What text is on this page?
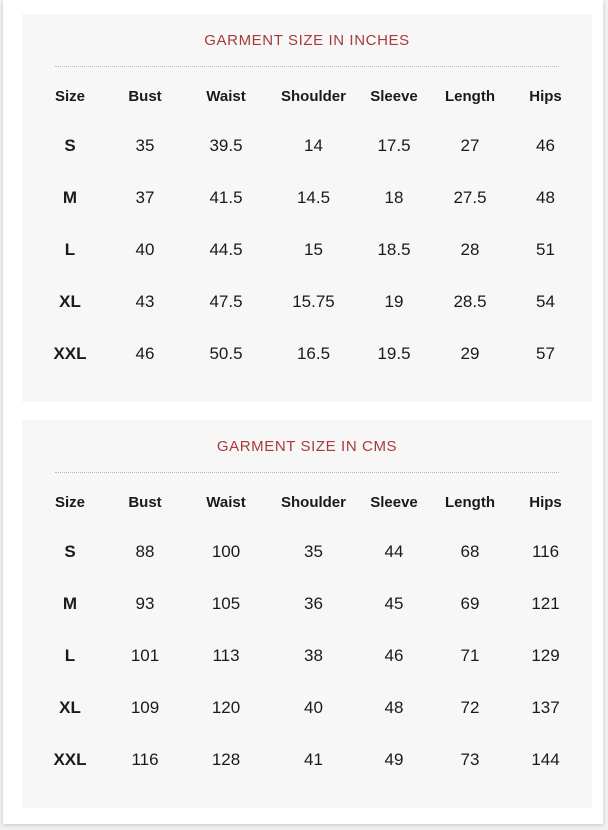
GARMENT SIZE IN INCHES
Size	Bust	Waist	Shoulder	Sleeve	Length	Hips
S	35	39.5	14	17.5	27	46
M	37	41.5	14.5	18	27.5	48
L	40	44.5	15	18.5	28	51
XL	43	47.5	15.75	19	28.5	54
XXL	46	50.5	16.5	19.5	29	57
GARMENT SIZE IN CMS
Size	Bust	Waist	Shoulder	Sleeve	Length	Hips
S	88	100	35	44	68	116
M	93	105	36	45	69	121
L	101	113	38	46	71	129
XL	109	120	40	48	72	137
XXL	116	128	41	49	73	144
